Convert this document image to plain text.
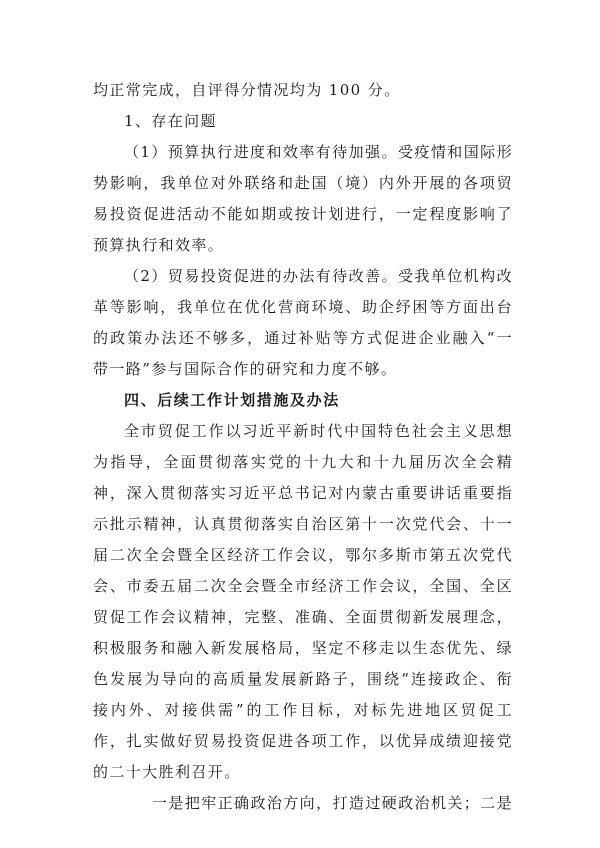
均正常完成，自评得分情况均为 100 分。
1、存在问题
（1）预算执行进度和效率有待加强。受疫情和国际形
势影响，我单位对外联络和赴国（境）内外开展的各项贸
易投资促进活动不能如期或按计划进行，一定程度影响了
预算执行和效率。
（2）贸易投资促进的办法有待改善。受我单位机构改
革等影响，我单位在优化营商环境、助企纾困等方面出台
的政策办法还不够多，通过补贴等方式促进企业融入“一
带一路”参与国际合作的研究和力度不够。
四、后续工作计划措施及办法
全市贸促工作以习近平新时代中国特色社会主义思想
为指导，全面贯彻落实党的十九大和十九届历次全会精
神，深入贯彻落实习近平总书记对内蒙古重要讲话重要指
示批示精神，认真贯彻落实自治区第十一次党代会、十一
届二次全会暨全区经济工作会议，鄂尔多斯市第五次党代
会、市委五届二次全会暨全市经济工作会议，全国、全区
贸促工作会议精神，完整、准确、全面贯彻新发展理念，
积极服务和融入新发展格局，坚定不移走以生态优先、绿
色发展为导向的高质量发展新路子，围绕“连接政企、衔
接内外、对接供需”的工作目标，对标先进地区贸促工
作，扎实做好贸易投资促进各项工作，以优异成绩迎接党
的二十大胜利召开。
一是把牢正确政治方向，打造过硬政治机关；二是
